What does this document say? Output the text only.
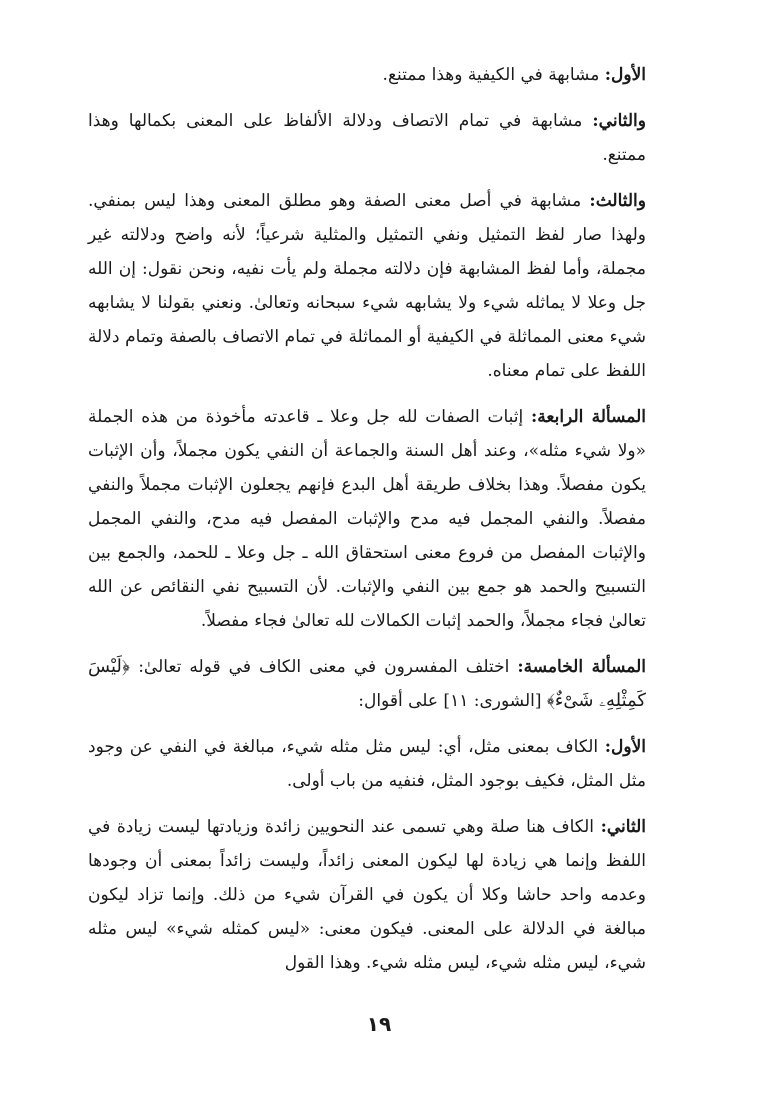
الأول: مشابهة في الكيفية وهذا ممتنع.

والثاني: مشابهة في تمام الاتصاف ودلالة الألفاظ على المعنى بكمالها وهذا ممتنع.

والثالث: مشابهة في أصل معنى الصفة وهو مطلق المعنى وهذا ليس بمنفي. ولهذا صار لفظ التمثيل ونفي التمثيل والمثلية شرعياً؛ لأنه واضح ودلالته غير مجملة، وأما لفظ المشابهة فإن دلالته مجملة ولم يأت نفيه، ونحن نقول: إن الله جل وعلا لا يماثله شيء ولا يشابهه شيء سبحانه وتعالىٰ. ونعني بقولنا لا يشابهه شيء معنى المماثلة في الكيفية أو المماثلة في تمام الاتصاف بالصفة وتمام دلالة اللفظ على تمام معناه.

المسألة الرابعة: إثبات الصفات لله جل وعلا ـ قاعدته مأخوذة من هذه الجملة «ولا شيء مثله»، وعند أهل السنة والجماعة أن النفي يكون مجملاً، وأن الإثبات يكون مفصلاً. وهذا بخلاف طريقة أهل البدع فإنهم يجعلون الإثبات مجملاً والنفي مفصلاً. والنفي المجمل فيه مدح والإثبات المفصل فيه مدح، والنفي المجمل والإثبات المفصل من فروع معنى استحقاق الله ـ جل وعلا ـ للحمد، والجمع بين التسبيح والحمد هو جمع بين النفي والإثبات. لأن التسبيح نفي النقائص عن الله تعالىٰ فجاء مجملاً، والحمد إثبات الكمالات لله تعالىٰ فجاء مفصلاً.

المسألة الخامسة: اختلف المفسرون في معنى الكاف في قوله تعالىٰ: ﴿لَيْسَ كَمِثْلِهِۦ شَىْءٌ﴾ [الشورى: ١١] على أقوال:

الأول: الكاف بمعنى مثل، أي: ليس مثل مثله شيء، مبالغة في النفي عن وجود مثل المثل، فكيف بوجود المثل، فنفيه من باب أولى.

الثاني: الكاف هنا صلة وهي تسمى عند النحويين زائدة وزيادتها ليست زيادة في اللفظ وإنما هي زيادة لها ليكون المعنى زائداً، وليست زائداً بمعنى أن وجودها وعدمه واحد حاشا وكلا أن يكون في القرآن شيء من ذلك. وإنما تزاد ليكون مبالغة في الدلالة على المعنى. فيكون معنى: «ليس كمثله شيء» ليس مثله شيء، ليس مثله شيء، ليس مثله شيء. وهذا القول

١٩
